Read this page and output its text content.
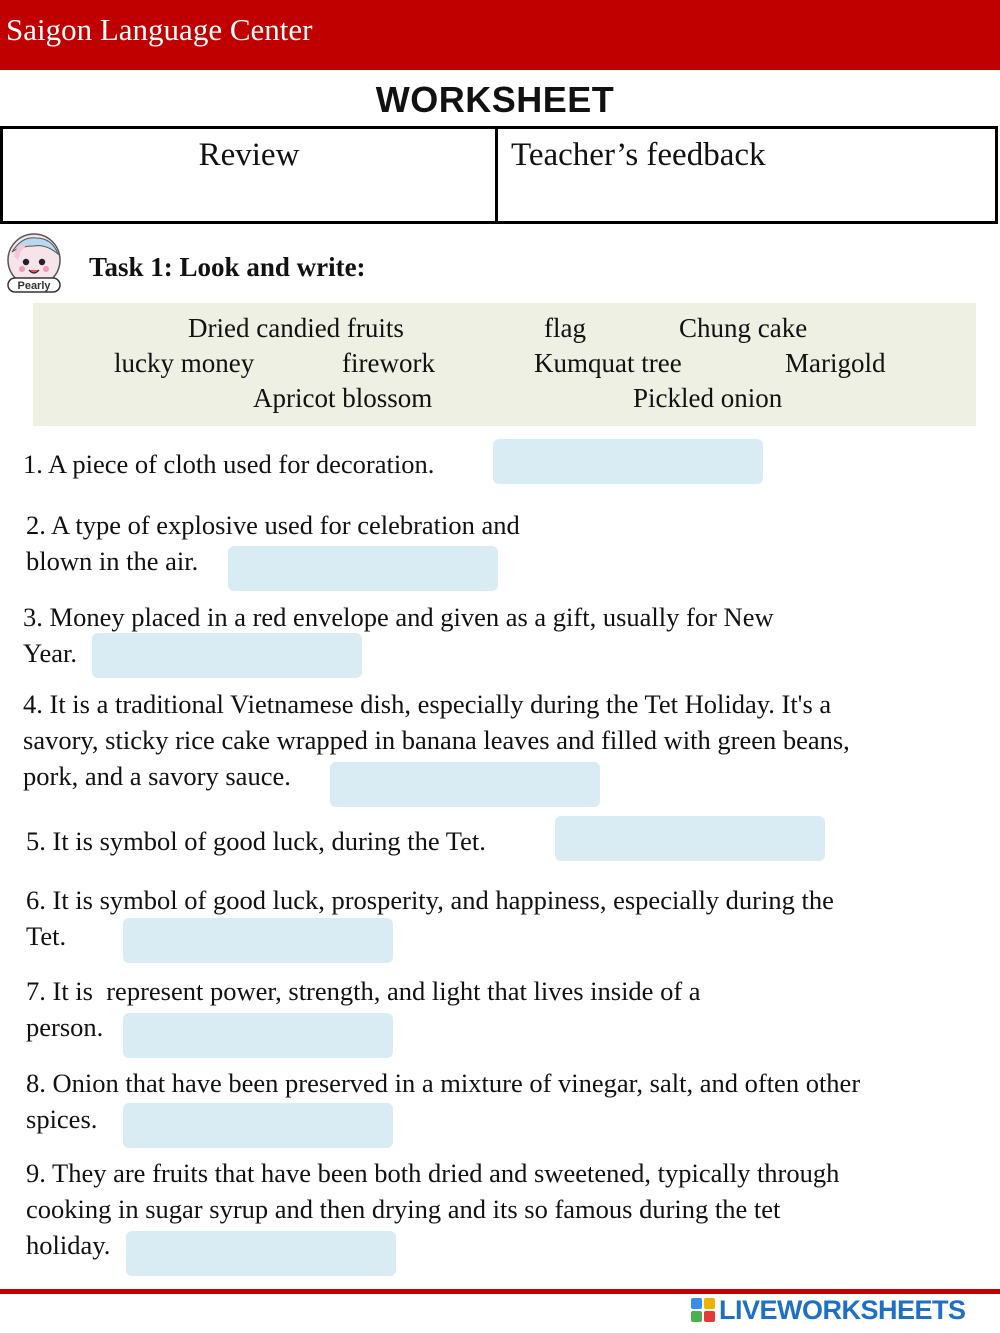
Saigon Language Center
WORKSHEET
Review	Teacher’s feedback
Pearly
Task 1: Look and write:
Dried candied fruits	flag	Chung cake
lucky money	firework	Kumquat tree	Marigold
Apricot blossom	Pickled onion
1. A piece of cloth used for decoration.
2. A type of explosive used for celebration and
blown in the air.
3. Money placed in a red envelope and given as a gift, usually for New
Year.
4. It is a traditional Vietnamese dish, especially during the Tet Holiday. It's a
savory, sticky rice cake wrapped in banana leaves and filled with green beans,
pork, and a savory sauce.
5. It is symbol of good luck, during the Tet.
6. It is symbol of good luck, prosperity, and happiness, especially during the
Tet.
7. It is  represent power, strength, and light that lives inside of a
person.
8. Onion that have been preserved in a mixture of vinegar, salt, and often other
spices.
9. They are fruits that have been both dried and sweetened, typically through
cooking in sugar syrup and then drying and its so famous during the tet
holiday.
LIVEWORKSHEETS
